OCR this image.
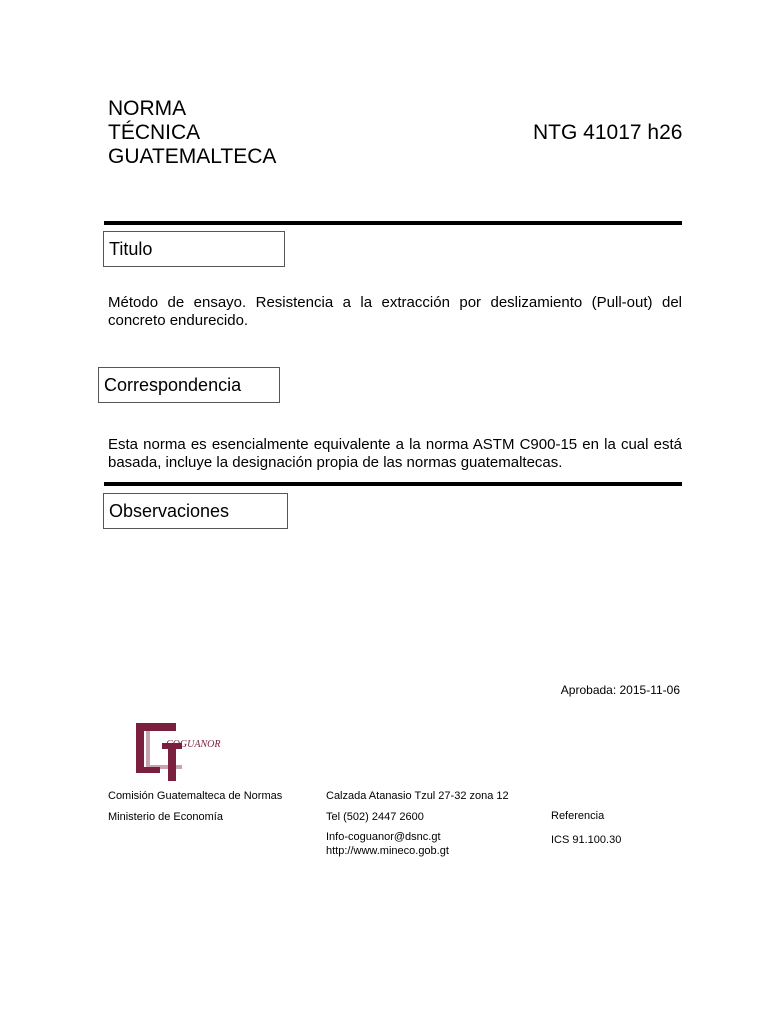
NORMA
TÉCNICA
GUATEMALTECA
NTG 41017 h26
Titulo
Método de ensayo. Resistencia a la extracción por deslizamiento (Pull-out) del concreto endurecido.
Correspondencia
Esta norma es esencialmente equivalente a la norma ASTM C900-15 en la cual está basada, incluye la designación propia de las normas guatemaltecas.
Observaciones
Aprobada: 2015-11-06
COGUANOR
Comisión Guatemalteca de Normas
Ministerio de Economía
Calzada Atanasio Tzul 27-32 zona 12
Tel (502) 2447 2600
Info-coguanor@dsnc.gt
http://www.mineco.gob.gt
Referencia
ICS 91.100.30
